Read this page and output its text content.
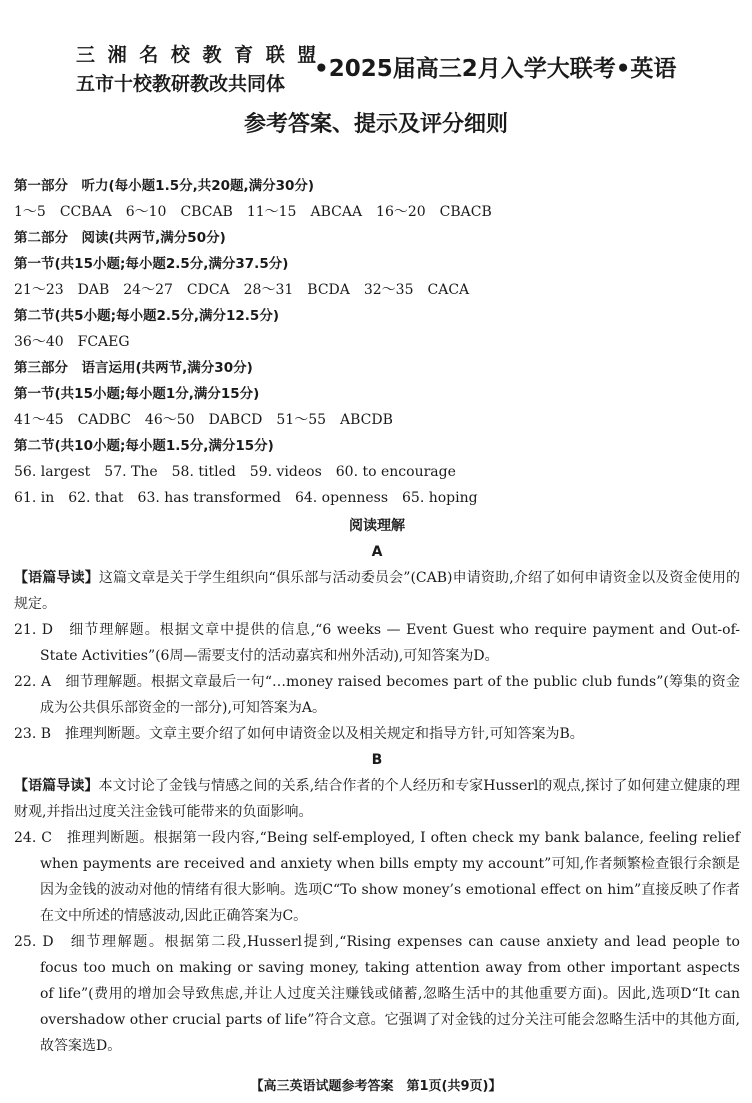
三 湘 名 校 教 育 联 盟
五市十校教研教改共同体
•2025届高三2月入学大联考•英语
参考答案、提示及评分细则
第一部分　听力(每小题1.5分,共20题,满分30分)
1～5　CCBAA　6～10　CBCAB　11～15　ABCAA　16～20　CBACB
第二部分　阅读(共两节,满分50分)
第一节(共15小题;每小题2.5分,满分37.5分)
21～23　DAB　24～27　CDCA　28～31　BCDA　32～35　CACA
第二节(共5小题;每小题2.5分,满分12.5分)
36～40　FCAEG
第三部分　语言运用(共两节,满分30分)
第一节(共15小题;每小题1分,满分15分)
41～45　CADBC　46～50　DABCD　51～55　ABCDB
第二节(共10小题;每小题1.5分,满分15分)
56. largest　57. The　58. titled　59. videos　60. to encourage
61. in　62. that　63. has transformed　64. openness　65. hoping
阅读理解
A
【语篇导读】这篇文章是关于学生组织向“俱乐部与活动委员会”(CAB)申请资助,介绍了如何申请资金以及资金使用的规定。
21. D　细节理解题。根据文章中提供的信息,“6 weeks — Event Guest who require payment and Out-of-State Activities”(6周—需要支付的活动嘉宾和州外活动),可知答案为D。
22. A　细节理解题。根据文章最后一句“…money raised becomes part of the public club funds”(筹集的资金成为公共俱乐部资金的一部分),可知答案为A。
23. B　推理判断题。文章主要介绍了如何申请资金以及相关规定和指导方针,可知答案为B。
B
【语篇导读】本文讨论了金钱与情感之间的关系,结合作者的个人经历和专家Husserl的观点,探讨了如何建立健康的理财观,并指出过度关注金钱可能带来的负面影响。
24. C　推理判断题。根据第一段内容,“Being self-employed, I often check my bank balance, feeling relief when payments are received and anxiety when bills empty my account”可知,作者频繁检查银行余额是因为金钱的波动对他的情绪有很大影响。选项C“To show money’s emotional effect on him”直接反映了作者在文中所述的情感波动,因此正确答案为C。
25. D　细节理解题。根据第二段,Husserl提到,“Rising expenses can cause anxiety and lead people to focus too much on making or saving money, taking attention away from other important aspects of life”(费用的增加会导致焦虑,并让人过度关注赚钱或储蓄,忽略生活中的其他重要方面)。因此,选项D“It can overshadow other crucial parts of life”符合文意。它强调了对金钱的过分关注可能会忽略生活中的其他方面,故答案选D。
【高三英语试题参考答案　第1页(共9页)】
